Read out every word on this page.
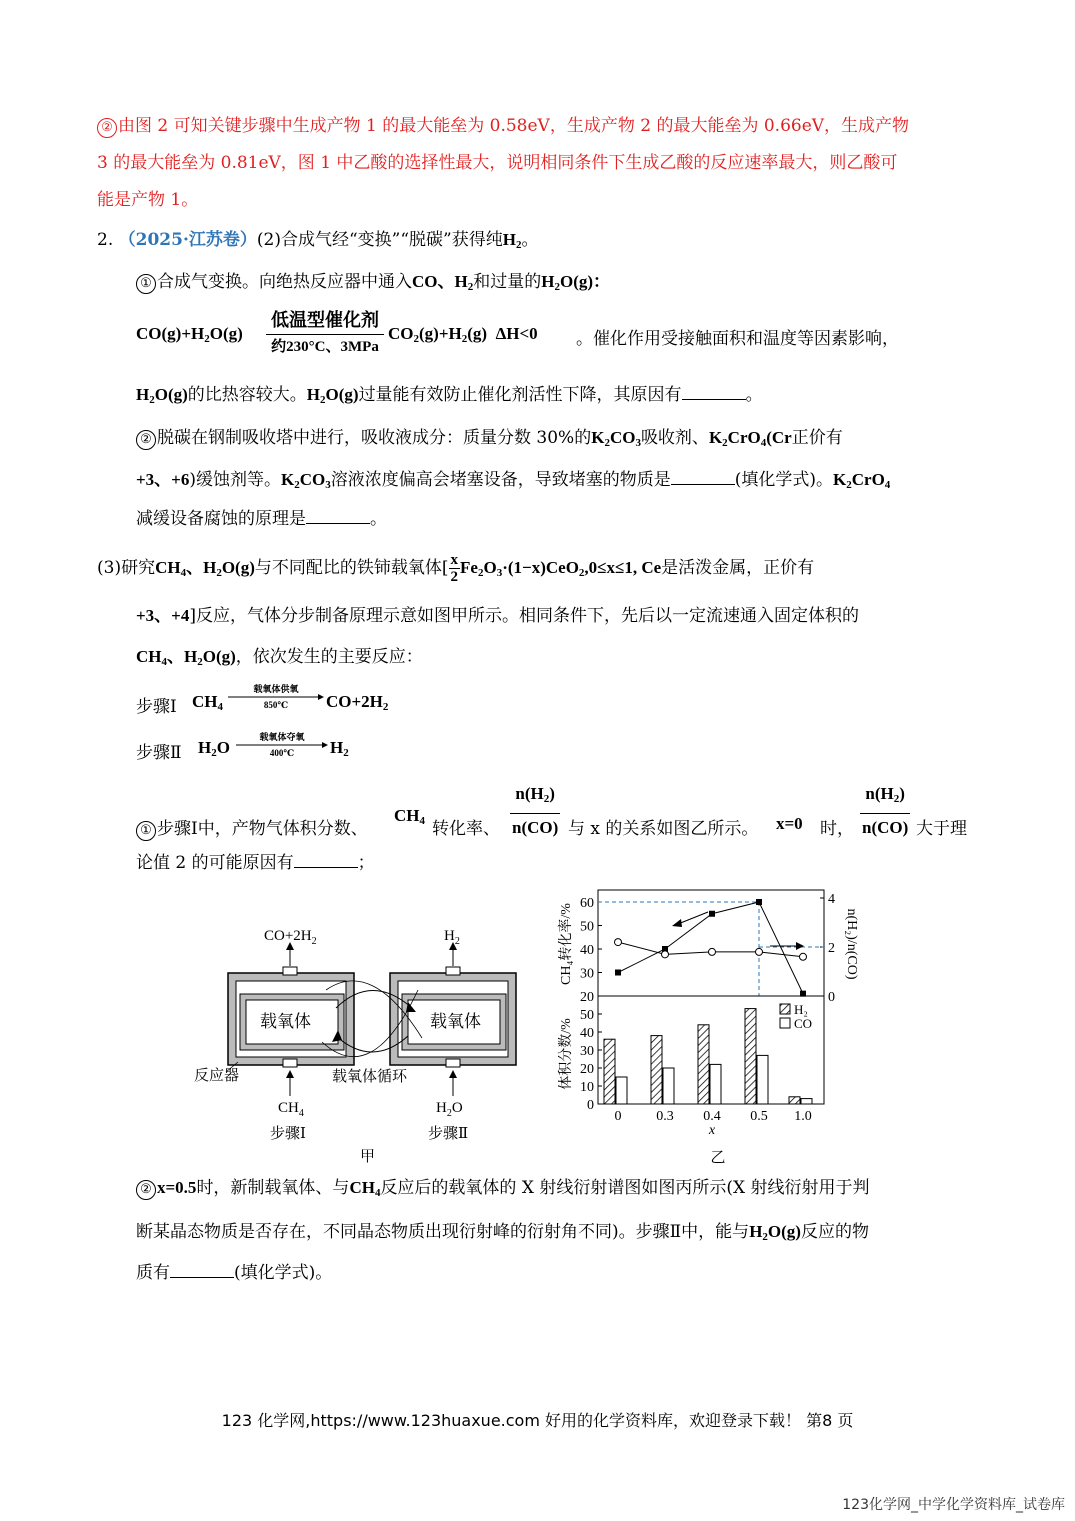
② 由图 2 可知关键步骤中生成产物 1 的最大能垒为 0.58eV，生成产物 2 的最大能垒为 0.66eV，生成产物
3 的最大能垒为 0.81eV，图 1 中乙酸的选择性最大，说明相同条件下生成乙酸的反应速率最大，则乙酸可
能是产物 1。
2. （2025·江苏卷）(2)合成气经“变换”“脱碳”获得纯$H_2$。
① 合成气变换。向绝热反应器中通入CO、$H_2$和过量的$H_2O(g)$：
$CO(g)+H_2O(g)$
低温型催化剂
约230°C、3MPa
$CO_2(g)+H_2(g)$ ΔH<0 。催化作用受接触面积和温度等因素影响，
$H_2O(g)$的比热容较大。$H_2O(g)$过量能有效防止催化剂活性下降，其原因有	。
② 脱碳在钢制吸收塔中进行，吸收液成分：质量分数 30%的$K_2CO_3$吸收剂、$K_2CrO_4(Cr$正价有
+3、+6)缓蚀剂等。$K_2CO_3$溶液浓度偏高会堵塞设备，导致堵塞的物质是	(填化学式)。$K_2CrO_4$
减缓设备腐蚀的原理是	。
(3)研究$CH_4$、$H_2O(g)$与不同配比的铁铈载氧体[ $\frac{x}{2} Fe_2O_3\cdot(1-x)CeO_2,0\le x\le 1$, Ce是活泼金属，正价有
+3、+4]反应，气体分步制备原理示意如图甲所示。相同条件下，先后以一定流速通入固定体积的
$CH_4$、$H_2O(g)$，依次发生的主要反应：
步骤Ⅰ $CH_4$
载氧体供氧
850℃	$CO+2H_2$
步骤Ⅱ $H_2O$
载氧体夺氧
400℃	$H_2$
① 步骤Ⅰ中，产物气体积分数、
$CH_4$ 转化率、 $\frac{n(H_2)}{n(CO)}$ 与 x 的关系如图乙所示。 x=0 时， $\frac{n(H_2)}{n(CO)}$ 大于理
论值 2 的可能原因有	；
$CO+2H_2$	$H_2$
载氧体	载氧体
反应器	载氧体循环
$CH_4$	$H_2O$
步骤Ⅰ	步骤Ⅱ
甲
20
30
40
50
60
0
2
4
CH₄转化率/%	n(H₂)/n(CO)
0
10
20
30
40
50
体积分数/%
0 0.3 0.4 0.5 1.0
x
H₂
CO
乙
② x=0.5时，新制载氧体、与$CH_4$反应后的载氧体的 X 射线衍射谱图如图丙所示(X 射线衍射用于判
断某晶态物质是否存在，不同晶态物质出现衍射峰的衍射角不同)。步骤Ⅱ中，能与$H_2O(g)$反应的物
质有	(填化学式)。
123 化学网,https://www.123huaxue.com 好用的化学资料库，欢迎登录下载！ 第8 页
123化学网_中学化学资料库_试卷库
